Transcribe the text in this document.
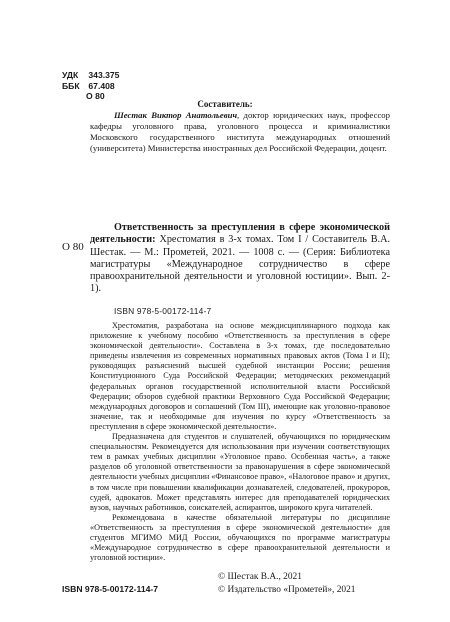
УДК 343.375
ББК 67.408
О 80
Составитель:
Шестак Виктор Анатольевич, доктор юридических наук, профессор кафедры уголовного права, уголовного процесса и криминалистики Московского государственного института международных отношений (университета) Министерства иностранных дел Российской Федерации, доцент.
О 80
Ответственность за преступления в сфере экономической деятельности: Хрестоматия в 3-х томах. Том I / Составитель В.А. Шестак. — М.: Прометей, 2021. — 1008 с. — (Серия: Библиотека магистратуры «Международное сотрудничество в сфере правоохранительной деятельности и уголовной юстиции». Вып. 2-1).
ISBN 978-5-00172-114-7

Хрестоматия, разработана на основе междисциплинарного подхода как приложение к учебному пособию «Ответственность за преступления в сфере экономической деятельности». Составлена в 3-х томах, где последовательно приведены извлечения из современных нормативных правовых актов (Тома I и II); руководящих разъяснений высшей судебной инстанции России; решения Конституционного Суда Российской Федерации; методических рекомендаций федеральных органов государственной исполнительной власти Российской Федерации; обзоров судебной практики Верховного Суда Российской Федерации; международных договоров и соглашений (Том III), имеющие как уголовно-правовое значение, так и необходимые для изучения по курсу «Ответственность за преступления в сфере экономической деятельности».

Предназначена для студентов и слушателей, обучающихся по юридическим специальностям. Рекомендуется для использования при изучении соответствующих тем в рамках учебных дисциплин «Уголовное право. Особенная часть», а также разделов об уголовной ответственности за правонарушения в сфере экономической деятельности учебных дисциплин «Финансовое право», «Налоговое право» и других, в том числе при повышении квалификации дознавателей, следователей, прокуроров, судей, адвокатов. Может представлять интерес для преподавателей юридических вузов, научных работников, соискателей, аспирантов, широкого круга читателей.

Рекомендована в качестве обязательной литературы по дисциплине «Ответственность за преступления в сфере экономической деятельности» для студентов МГИМО МИД России, обучающихся по программе магистратуры «Международное сотрудничество в сфере правоохранительной деятельности и уголовной юстиции».

ISBN 978-5-00172-114-7
© Шестак В.А., 2021
© Издательство «Прометей», 2021
